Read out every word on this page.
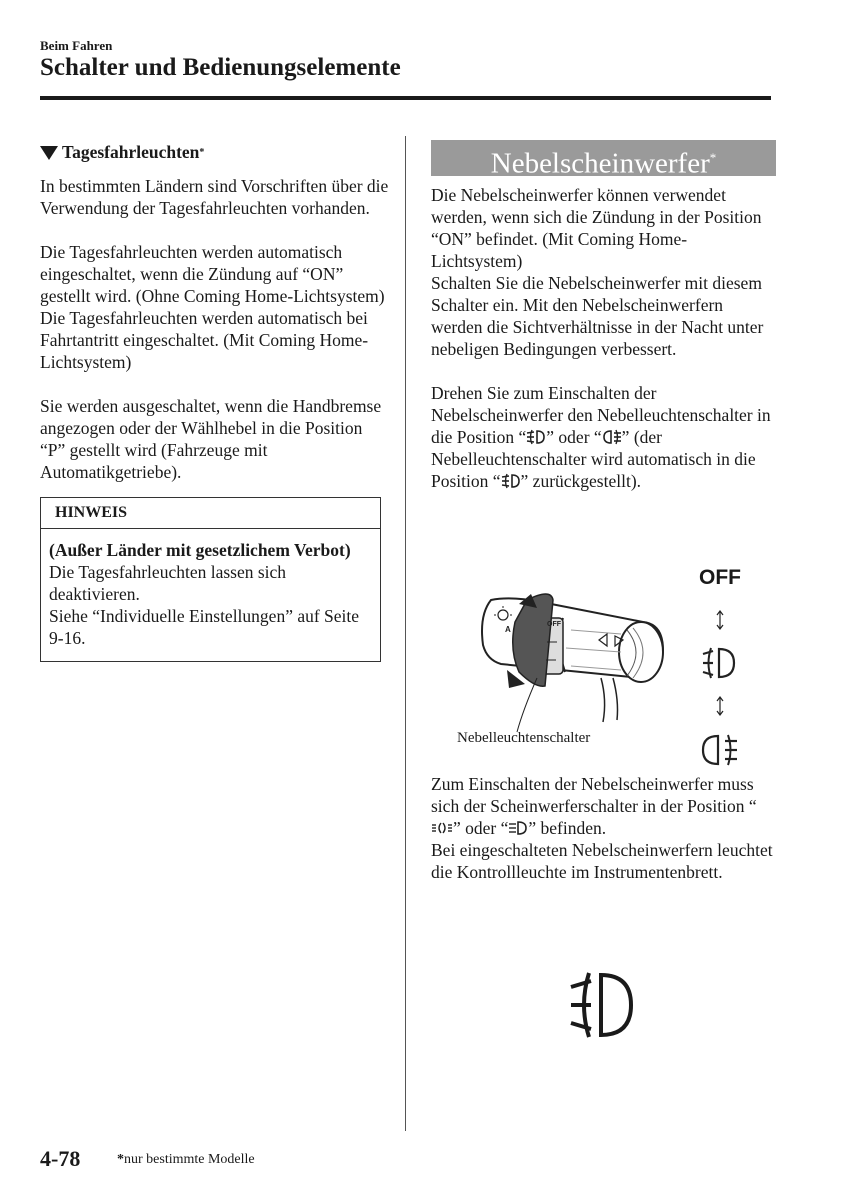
Beim Fahren
Schalter und Bedienungselemente
Tagesfahrleuchten *

In bestimmten Ländern sind Vorschriften über die Verwendung der Tagesfahrleuchten vorhanden.

Die Tagesfahrleuchten werden automatisch eingeschaltet, wenn die Zündung auf “ON” gestellt wird. (Ohne Coming Home-Lichtsystem)

Die Tagesfahrleuchten werden automatisch bei Fahrtantritt eingeschaltet. (Mit Coming Home-Lichtsystem)

Sie werden ausgeschaltet, wenn die Handbremse angezogen oder der Wählhebel in die Position “P” gestellt wird (Fahrzeuge mit Automatikgetriebe).

HINWEIS
(Außer Länder mit gesetzlichem Verbot)
Die Tagesfahrleuchten lassen sich deaktivieren.
Siehe “Individuelle Einstellungen” auf Seite 9-16.
Nebelscheinwerfer*

Die Nebelscheinwerfer können verwendet werden, wenn sich die Zündung in der Position “ON” befindet. (Mit Coming Home-Lichtsystem)

Schalten Sie die Nebelscheinwerfer mit diesem Schalter ein. Mit den Nebelscheinwerfern werden die Sichtverhältnisse in der Nacht unter nebeligen Bedingungen verbessert.

Drehen Sie zum Einschalten der Nebelscheinwerfer den Nebelleuchtenschalter in die Position “ ” oder “ ” (der Nebelleuchtenschalter wird automatisch in die Position “ ” zurückgestellt).

A
OFF
OFF
Nebelleuchtenschalter

Zum Einschalten der Nebelscheinwerfer muss sich der Scheinwerferschalter in der Position “” oder “ ” befinden.

Bei eingeschalteten Nebelscheinwerfern leuchtet die Kontrollleuchte im Instrumentenbrett.

4-78	*nur bestimmte Modelle
